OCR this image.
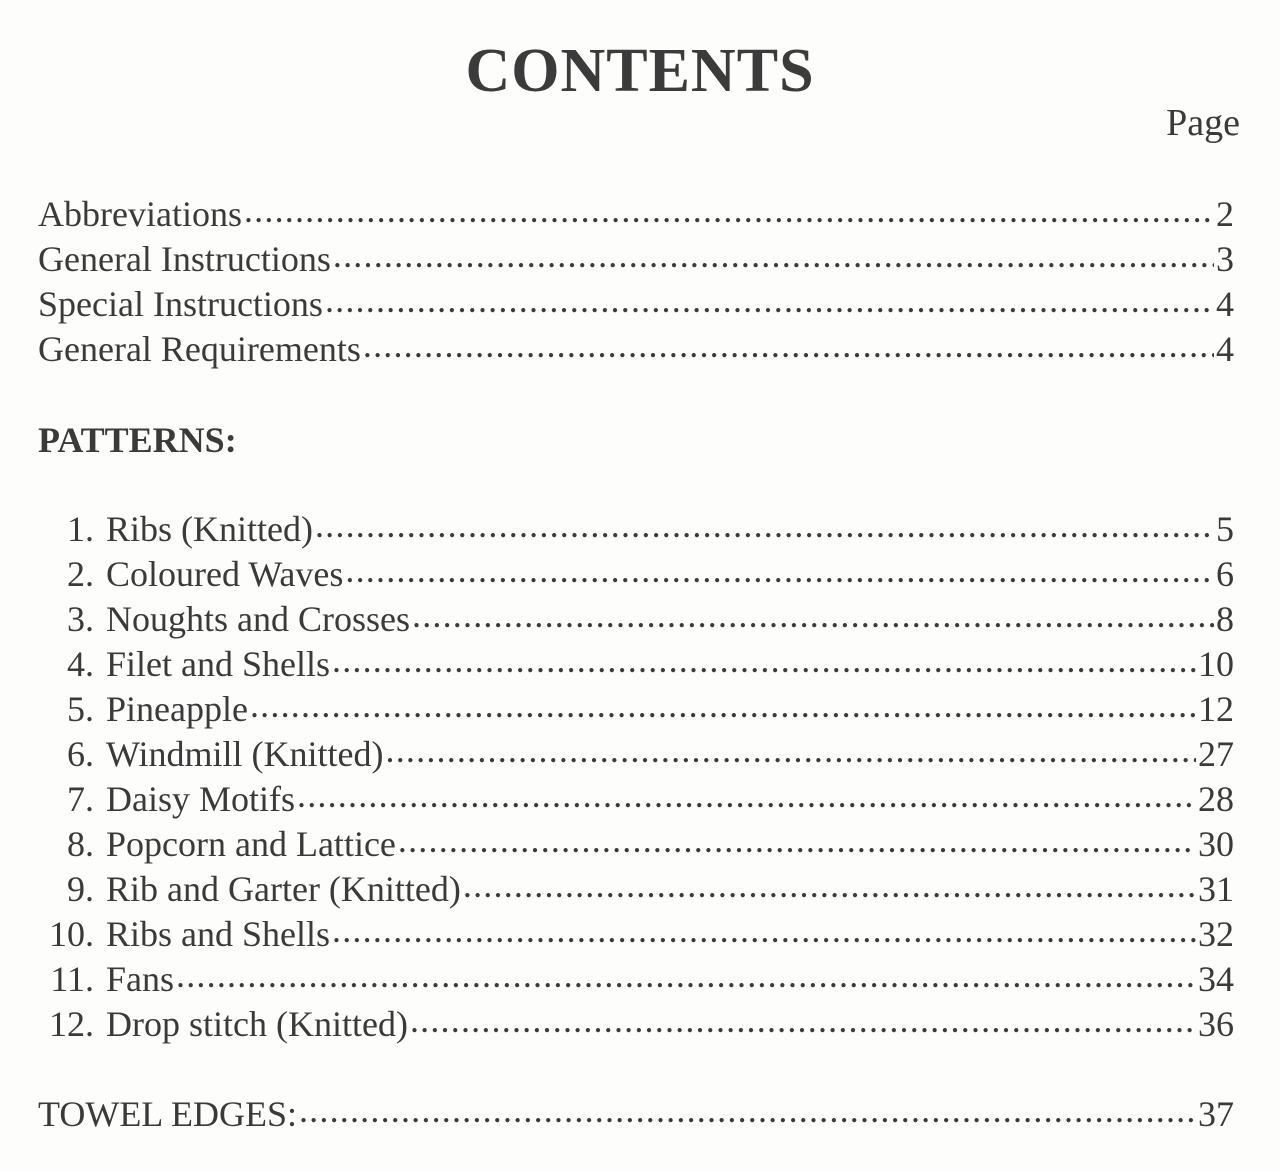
CONTENTS
Page
Abbreviations .....	2
General Instructions .....	3
Special Instructions .....	4
General Requirements .....	4
PATTERNS:
1. Ribs (Knitted) .....	5
2. Coloured Waves .....	6
3. Noughts and Crosses .....	8
4. Filet and Shells .....	10
5. Pineapple .....	12
6. Windmill (Knitted) .....	27
7. Daisy Motifs .....	28
8. Popcorn and Lattice .....	30
9. Rib and Garter (Knitted) .....	31
10. Ribs and Shells .....	32
11. Fans .....	34
12. Drop stitch (Knitted) .....	36
TOWEL EDGES: .....	37
